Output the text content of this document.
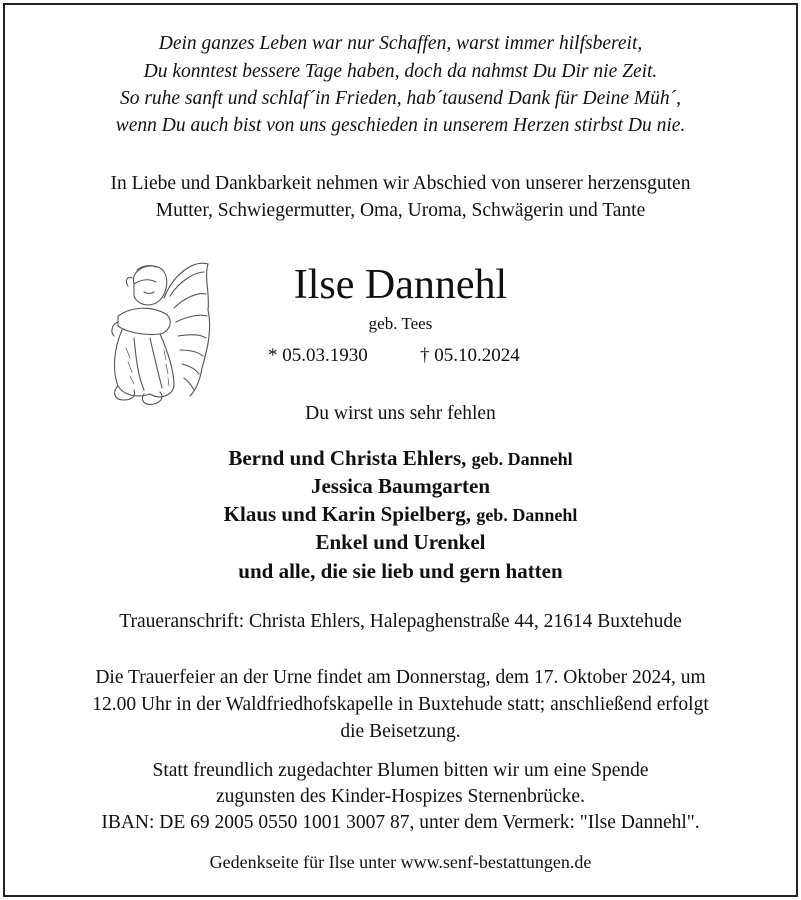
Dein ganzes Leben war nur Schaffen, warst immer hilfsbereit,
Du konntest bessere Tage haben, doch da nahmst Du Dir nie Zeit.
So ruhe sanft und schlaf´in Frieden, hab´tausend Dank für Deine Müh´,
wenn Du auch bist von uns geschieden in unserem Herzen stirbst Du nie.
In Liebe und Dankbarkeit nehmen wir Abschied von unserer herzensguten
Mutter, Schwiegermutter, Oma, Uroma, Schwägerin und Tante
Ilse Dannehl
geb. Tees
* 05.03.1930	† 05.10.2024
Du wirst uns sehr fehlen
Bernd und Christa Ehlers, geb. Dannehl
Jessica Baumgarten
Klaus und Karin Spielberg, geb. Dannehl
Enkel und Urenkel
und alle, die sie lieb und gern hatten
Traueranschrift: Christa Ehlers, Halepaghenstraße 44, 21614 Buxtehude
Die Trauerfeier an der Urne findet am Donnerstag, dem 17. Oktober 2024, um
12.00 Uhr in der Waldfriedhofskapelle in Buxtehude statt; anschließend erfolgt
die Beisetzung.
Statt freundlich zugedachter Blumen bitten wir um eine Spende
zugunsten des Kinder-Hospizes Sternenbrücke.
IBAN: DE 69 2005 0550 1001 3007 87, unter dem Vermerk: "Ilse Dannehl".
Gedenkseite für Ilse unter www.senf-bestattungen.de
